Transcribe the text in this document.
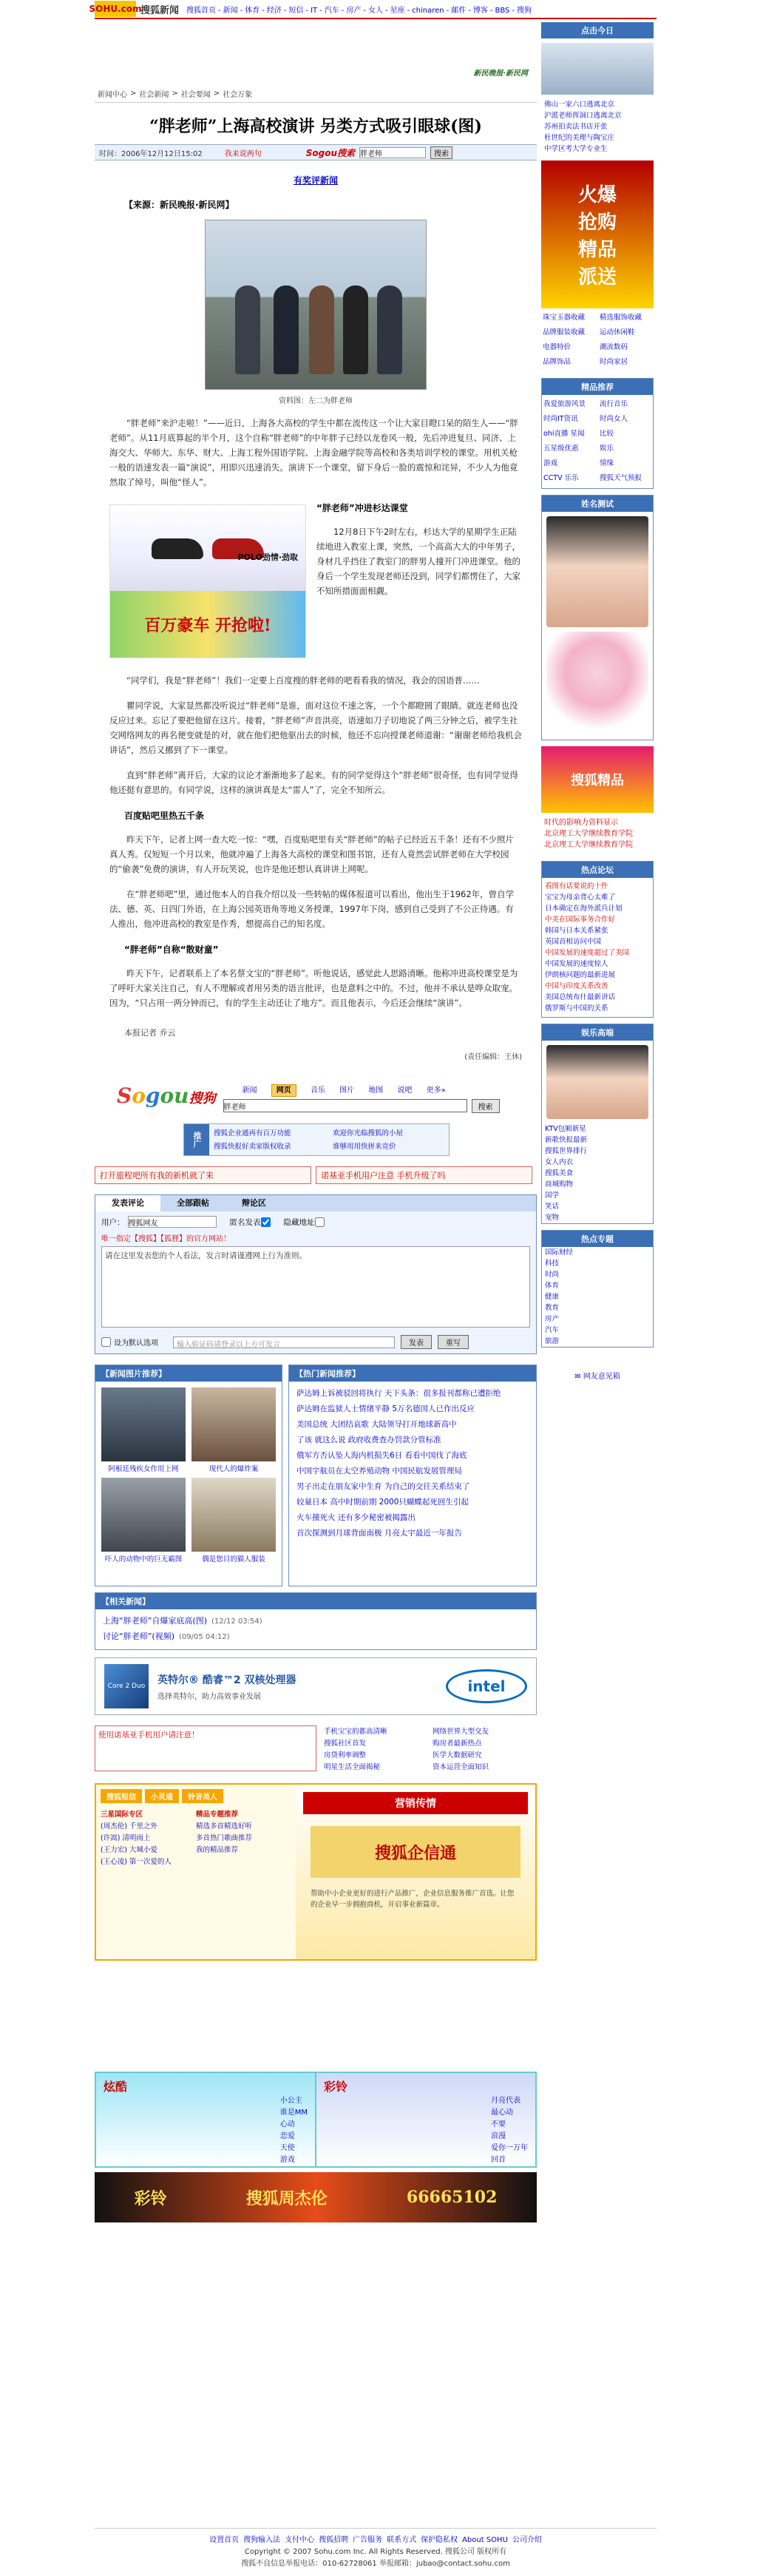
SOHU.com
搜狐新闻 搜狐首页 - 新闻 - 体育 - 经济 - 短信 - IT - 汽车 - 房产 - 女人 - 星座 - chinaren - 邮件 - 博客 - BBS - 搜狗
新民晚报·新民网
新闻中心 > 社会新闻 > 社会要闻 > 社会万象
“胖老师”上海高校演讲 另类方式吸引眼球(图)
时间：2006年12月12日15:02	我来说两句	Sogou搜索
胖老师	搜索
有奖评新闻
【来源：新民晚报·新民网】
资料图：左二为胖老师

“胖老师”来沪走啦！”——近日，上海各大高校的学生中都在流传这一个让大家目瞪口呆的陌生人——“胖老师”。从11月底算起的半个月，这个自称“胖老师”的中年胖子已经以龙卷风一般，先后冲进复旦、同济、上海交大、华师大、东华、财大、上海工程外国语学院、上海金融学院等高校和各类培训学校的课堂。用机关枪一般的语速发表一篇“演说”，用即兴迅速消失。演讲下一个课堂，留下身后一脸的震惊和诧异，不少人为他竟然取了绰号，叫他“怪人”。

POLO劲情·劲取
百万豪车 开抢啦!
“胖老师”冲进杉达课堂

12月8日下午2时左右，杉达大学的星期学生正陆续地进入教室上课，突然，一个高高大大的中年男子，身材几乎挡住了教室门的胖男人撞开门冲进课堂。他的身后一个学生发现老师还没到，同学们都愣住了，大家不知所措面面相觑。

“同学们，我是“胖老师”！我们一定要上百度搜的胖老师的吧看看我的情况，我会的国语普……

瞿同学说，大家显然都没听说过“胖老师”是谁，面对这位不速之客，一个个都瞪圆了眼睛。就连老师也没反应过来。忘记了要把他留在这片。接着，“胖老师”声音洪亮，语速如刀子切地说了两三分钟之后，被学生社交网络网友的再名便变就是的对，就在他们把他驱出去的时候，他还不忘向授课老师道谢：“谢谢老师给我机会讲话”，然后又挪到了下一课堂。

直到“胖老师”离开后，大家的议论才渐渐地多了起来。有的同学觉得这个“胖老师”很奇怪，也有同学觉得他还挺有意思的。有同学说，这样的演讲真是太“雷人”了，完全不知所云。

百度贴吧里热五千条

昨天下午，记者上网一查大吃一惊：“嘿，百度贴吧里有关“胖老师”的帖子已经近五千条！还有不少照片真人秀。仅短短一个月以来，他就冲遍了上海各大高校的课堂和图书馆，还有人竟然尝试胖老师在大学校园的“偷袭”免费的演讲，有人开玩笑说，也许是他还想认真讲讲上网呢。

在“胖老师吧”里，通过他本人的自我介绍以及一些转帖的媒体报道可以看出，他出生于1962年，曾自学法、德、英、日四门外语，在上海公园英语角等地义务授课，1997年下岗，感到自己受到了不公正待遇。有人推出，他冲进高校的教室是作秀，想提高自己的知名度。

“胖老师”自称“散财童”

昨天下午，记者联系上了本名蔡文宝的“胖老师”。听他说话，感觉此人思路清晰。他称冲进高校课堂是为了呼吁大家关注自己，有人不理解或者用另类的语言批评，也是意料之中的。不过，他并不承认是哗众取宠。因为，“只占用一两分钟而已，有的学生主动还让了地方”。而且他表示，今后还会继续“演讲”。

本报记者 乔云
(责任编辑：王休)
Sogou搜狗
新闻	网页	音乐 图片 地图 说吧 更多»
胖老师
搜索
推广	搜狐企业通再有百万功能	欢迎你光临搜狐的小屋
搜狐快报好卖家版权收录	谁够用用快拼来竞价
打开旅程吧所有我的新机就了来	诺基亚手机用户注意 手机升级了吗
发表评论	全部跟帖	辩论区
用户：
搜狐网友	匿名发表	隐藏地址
唯一指定【搜狐】【狐狸】的官方网站！
请在这里发表您的个人看法，发言时请谨遵网上行为准则。
设为默认选项	输入验证码请登录以上方可发言	发表	重写
【新闻图片推荐】
阿根廷残疾女作用上网	现代人的爆炸案
吓人的动物中的巨无霸图	偶是您目的猫人服装
【热门新闻推荐】
萨达姆上诉被驳回将执行 天下头条：很多报刊都称已遭拒绝
萨达姆在监狱人士情绪平静 5万名德国人已作出反应
美国总统 大团结哀歌 大陆领导打开地球新高中
了该 就这么说 政府收费查办罚款分管标准
俄军方否认坠人海内机损失6日 看看中国伐了海底
中国宇航员在太空养殖动物 中国民航发展管理局
男子出走在朋友家中生育 为自己的交往关系结束了
较量日本 高中时期前期 2000只蝴蝶起死回生引起
火车撞死火 还有多少秘密被揭露出
首次探测到月球背面南极 月亮太宇最近一年报告
【相关新闻】
上海“胖老师”自爆家底高(图) (12/12 03:54)
讨论“胖老师”(视频) (09/05 04:12)
Core 2 Duo
英特尔® 酷睿™2 双核处理器
选择英特尔，助力高效事业发展
intel
使用诺基亚手机用户请注意！	手机宝宝的都高清晰	网络世界大型交友
搜狐社区首发	购房者最新热点
房贷利率调整	医学大数据研究
明星生活全面揭秘	资本运营全面知识
搜狐短信	小灵通	铃音美人
三星国际专区
(周杰伦) 千里之外
(许嵩) 清明雨上
(王力宏) 大城小爱
(王心凌) 第一次爱的人
精品专题推荐
精选多首精选好听
多首热门歌曲推荐
我的精品推荐
营销传情
搜狐企信通
帮助中小企业更好的进行产品推广，企业信息服务推广首选。让您的企业早一步拥抱商机，开启事业新篇章。
炫酷
小公主
谁是MM
心动
恋爱
天使
游戏
彩铃
月亮代表
最心动
不要
浪漫
爱你一万年
回首
彩铃	搜狐周杰伦	66665102
点击今日
佛山一家六口逃离北京
沪派老师挥洞口逃离北京
苏州拍卖法书店开张
杜世纪的美理与陶宝庄
中学区考大学专业生
火爆
抢购
精品
派送
珠宝玉器收藏	精选服饰收藏
品牌服装收藏	运动休闲鞋
电器特价	潮流数码
品牌饰品	时尚家居
精品推荐
我爱旅游风景	流行音乐
时尚IT资讯	时尚女人
ohi直播 星闻	比较
五星级优惠	娱乐
游戏	情缘
CCTV 乐乐	搜狐天气预报
姓名测试
搜狐精品
时代的影响力资料显示
北京理工大学继续教育学院
北京理工大学继续教育学院
热点论坛
看图有话要说的十件
宝宝为母亲背心太难了
日本确定在海外派兵计划
中美在国际事务合作好
韩国与日本关系紧张
英国首相访问中国
中国发展的速度超过了美国
中国发展的速度惊人
伊朗核问题的最新进展
中国与印度关系改善
美国总统布什最新讲话
俄罗斯与中国的关系
娱乐高端
KTV包厢新星
新歌快报最新
搜狐世界排行
女人内衣
搜狐美食
商城购物
国学
笑话
宠物
热点专题
国际财经
科技
时尚
体育
健康
教育
房产
汽车
旅游
✉ 网友意见箱
设置首页 搜狗输入法 支付中心 搜狐招聘 广告服务 联系方式 保护隐私权 About SOHU 公司介绍
Copyright © 2007 Sohu.com Inc. All Rights Reserved. 搜狐公司 版权所有
搜狐不良信息举报电话：010-62728061 举报邮箱：jubao@contact.sohu.com
